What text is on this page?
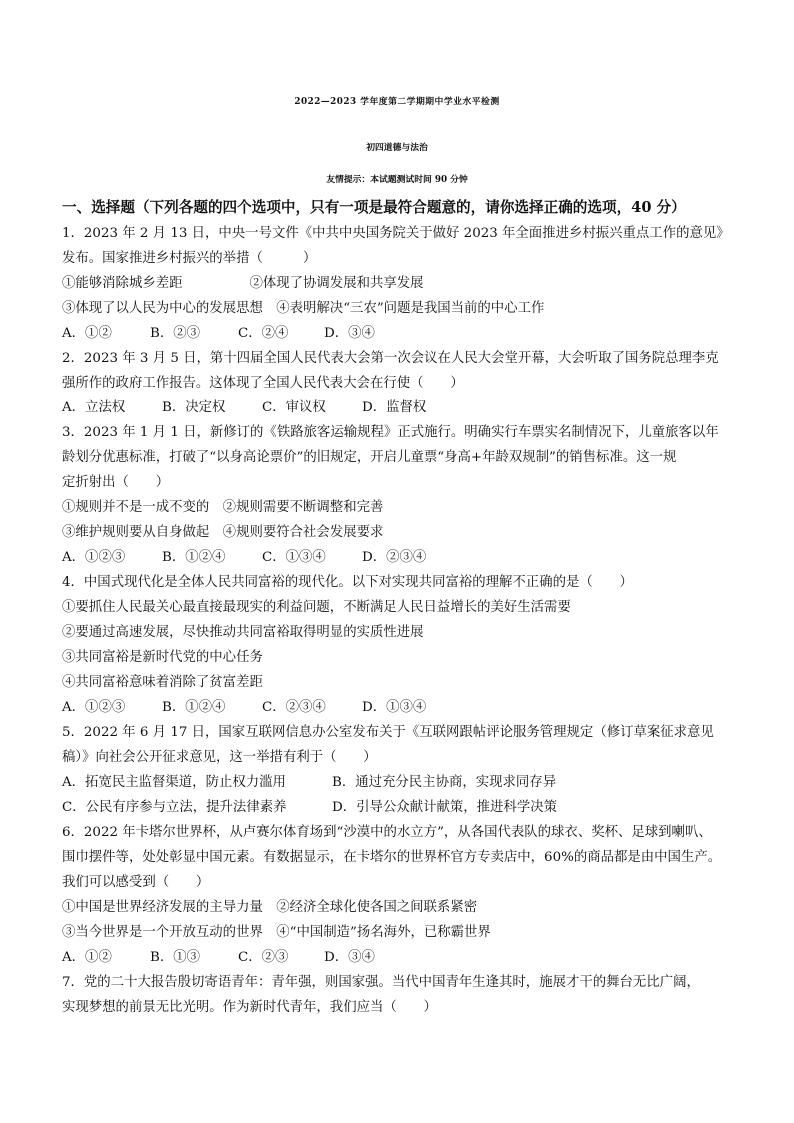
2022—2023 学年度第二学期期中学业水平检测
初四道德与法治
友情提示：本试题测试时间 90 分钟
一、选择题（下列各题的四个选项中，只有一项是最符合题意的，请你选择正确的选项，40 分）
1．2023 年 2 月 13 日，中央一号文件《中共中央国务院关于做好 2023 年全面推进乡村振兴重点工作的意见》
发布。国家推进乡村振兴的举措（　　　）
①能够消除城乡差距　　　　　②体现了协调发展和共享发展
③体现了以人民为中心的发展思想　④表明解决“三农”问题是我国当前的中心工作
A．①②	B．②③	C．②④	D．③④
2．2023 年 3 月 5 日，第十四届全国人民代表大会第一次会议在人民大会堂开幕，大会听取了国务院总理李克
强所作的政府工作报告。这体现了全国人民代表大会在行使（　　）
A．立法权	B．决定权	C．审议权	D．监督权
3．2023 年 1 月 1 日，新修订的《铁路旅客运输规程》正式施行。明确实行车票实名制情况下，儿童旅客以年
龄划分优惠标准，打破了“以身高论票价”的旧规定，开启儿童票“身高+年龄双规制”的销售标准。这一规
定折射出（　　）
①规则并不是一成不变的　②规则需要不断调整和完善
③维护规则要从自身做起　④规则要符合社会发展要求
A．①②③	B．①②④	C．①③④	D．②③④
4．中国式现代化是全体人民共同富裕的现代化。以下对实现共同富裕的理解不正确的是（　　）
①要抓住人民最关心最直接最现实的利益问题，不断满足人民日益增长的美好生活需要
②要通过高速发展，尽快推动共同富裕取得明显的实质性进展
③共同富裕是新时代党的中心任务
④共同富裕意味着消除了贫富差距
A．①②③	B．①②④	C．②③④	D．①③④
5．2022 年 6 月 17 日，国家互联网信息办公室发布关于《互联网跟帖评论服务管理规定（修订草案征求意见
稿）》向社会公开征求意见，这一举措有利于（　　）
A．拓宽民主监督渠道，防止权力滥用	B．通过充分民主协商，实现求同存异
C．公民有序参与立法，提升法律素养	D．引导公众献计献策，推进科学决策
6．2022 年卡塔尔世界杯，从卢赛尔体育场到“沙漠中的水立方”，从各国代表队的球衣、奖杯、足球到喇叭、
围巾摆件等，处处彰显中国元素。有数据显示，在卡塔尔的世界杯官方专卖店中，60%的商品都是由中国生产。
我们可以感受到（　　）
①中国是世界经济发展的主导力量　②经济全球化使各国之间联系紧密
③当今世界是一个开放互动的世界　④“中国制造”扬名海外，已称霸世界
A．①②	B．①③	C．②③	D．③④
7．党的二十大报告殷切寄语青年：青年强，则国家强。当代中国青年生逢其时，施展才干的舞台无比广阔，
实现梦想的前景无比光明。作为新时代青年，我们应当（　　）
